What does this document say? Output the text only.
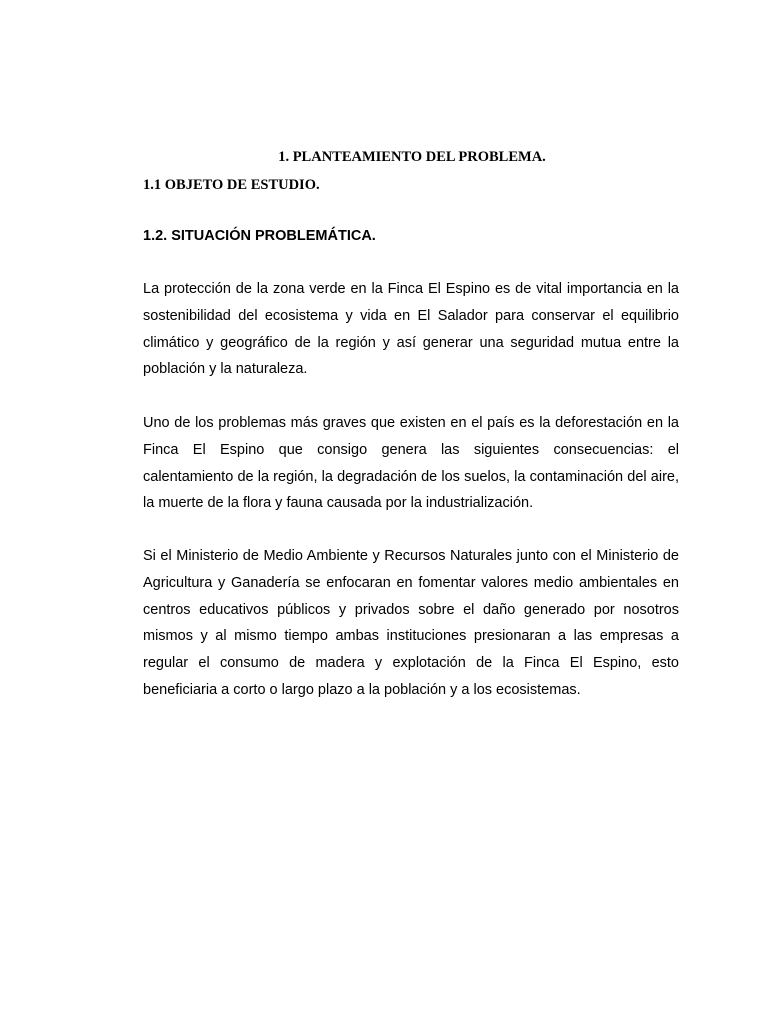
1. PLANTEAMIENTO DEL PROBLEMA.
1.1 OBJETO DE ESTUDIO.
1.2. SITUACIÓN PROBLEMÁTICA.

La protección de la zona verde en la Finca El Espino es de vital importancia en la sostenibilidad del ecosistema y vida en El Salador para conservar el equilibrio climático y geográfico de la región y así generar una seguridad mutua entre la población y la naturaleza.

Uno de los problemas más graves que existen en el país es la deforestación en la Finca El Espino que consigo genera las siguientes consecuencias: el calentamiento de la región, la degradación de los suelos, la contaminación del aire, la muerte de la flora y fauna causada por la industrialización.

Si el Ministerio de Medio Ambiente y Recursos Naturales junto con el Ministerio de Agricultura y Ganadería se enfocaran en fomentar valores medio ambientales en centros educativos públicos y privados sobre el daño generado por nosotros mismos y al mismo tiempo ambas instituciones presionaran a las empresas a regular el consumo de madera y explotación de la Finca El Espino, esto beneficiaria a corto o largo plazo a la población y a los ecosistemas.
